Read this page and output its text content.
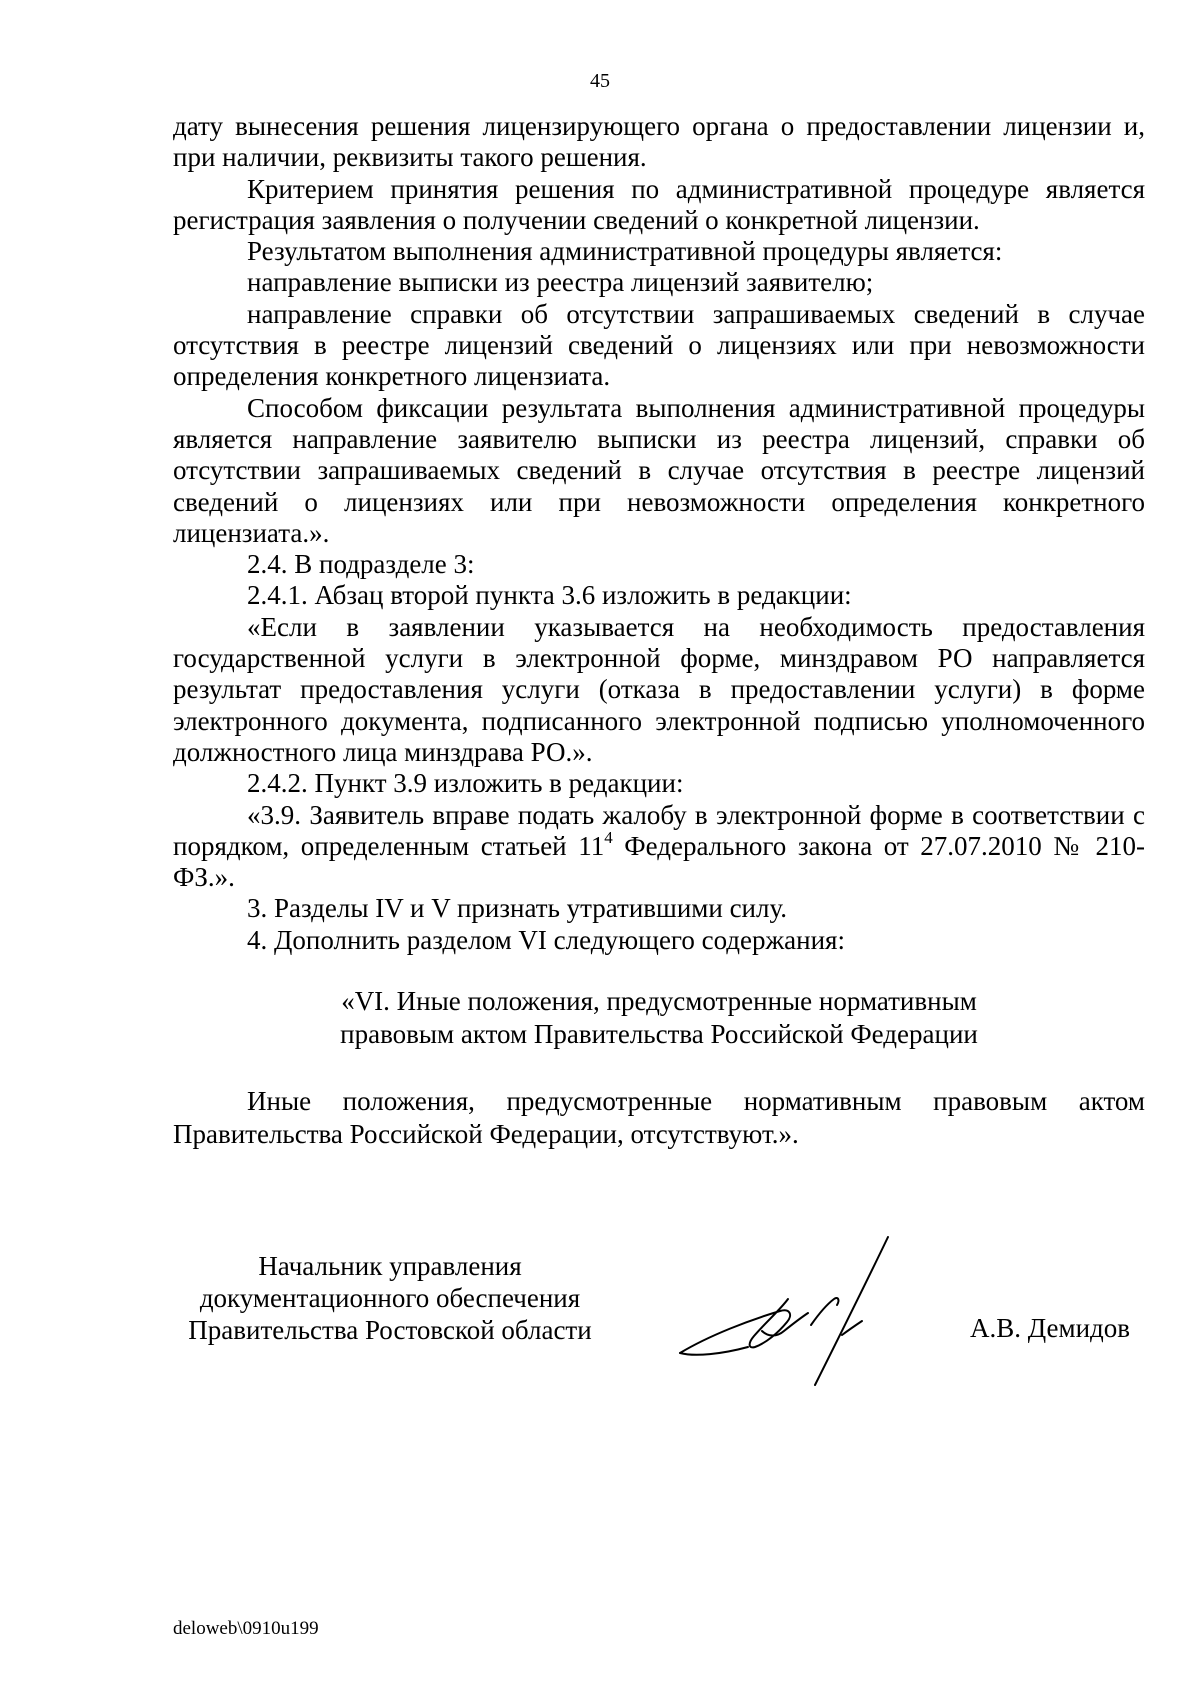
45

дату вынесения решения лицензирующего органа о предоставлении лицензии и, при наличии, реквизиты такого решения.

Критерием принятия решения по административной процедуре является регистрация заявления о получении сведений о конкретной лицензии.

Результатом выполнения административной процедуры является:

направление выписки из реестра лицензий заявителю;

направление справки об отсутствии запрашиваемых сведений в случае отсутствия в реестре лицензий сведений о лицензиях или при невозможности определения конкретного лицензиата.

Способом фиксации результата выполнения административной процедуры является направление заявителю выписки из реестра лицензий, справки об отсутствии запрашиваемых сведений в случае отсутствия в реестре лицензий сведений о лицензиях или при невозможности определения конкретного лицензиата.».

2.4. В подразделе 3:

2.4.1. Абзац второй пункта 3.6 изложить в редакции:

«Если в заявлении указывается на необходимость предоставления государственной услуги в электронной форме, минздравом РО направляется результат предоставления услуги (отказа в предоставлении услуги) в форме электронного документа, подписанного электронной подписью уполномоченного должностного лица минздрава РО.».

2.4.2. Пункт 3.9 изложить в редакции:

«3.9. Заявитель вправе подать жалобу в электронной форме в соответствии с порядком, определенным статьей $11^4$ Федерального закона от 27.07.2010 № 210-ФЗ.».

3. Разделы IV и V признать утратившими силу.

4. Дополнить разделом VI следующего содержания:

«VI. Иные положения, предусмотренные нормативным
правовым актом Правительства Российской Федерации

Иные положения, предусмотренные нормативным правовым актом Правительства Российской Федерации, отсутствуют.».

Начальник управления
документационного обеспечения
Правительства Ростовской области	А.В. Демидов
deloweb\0910u199
